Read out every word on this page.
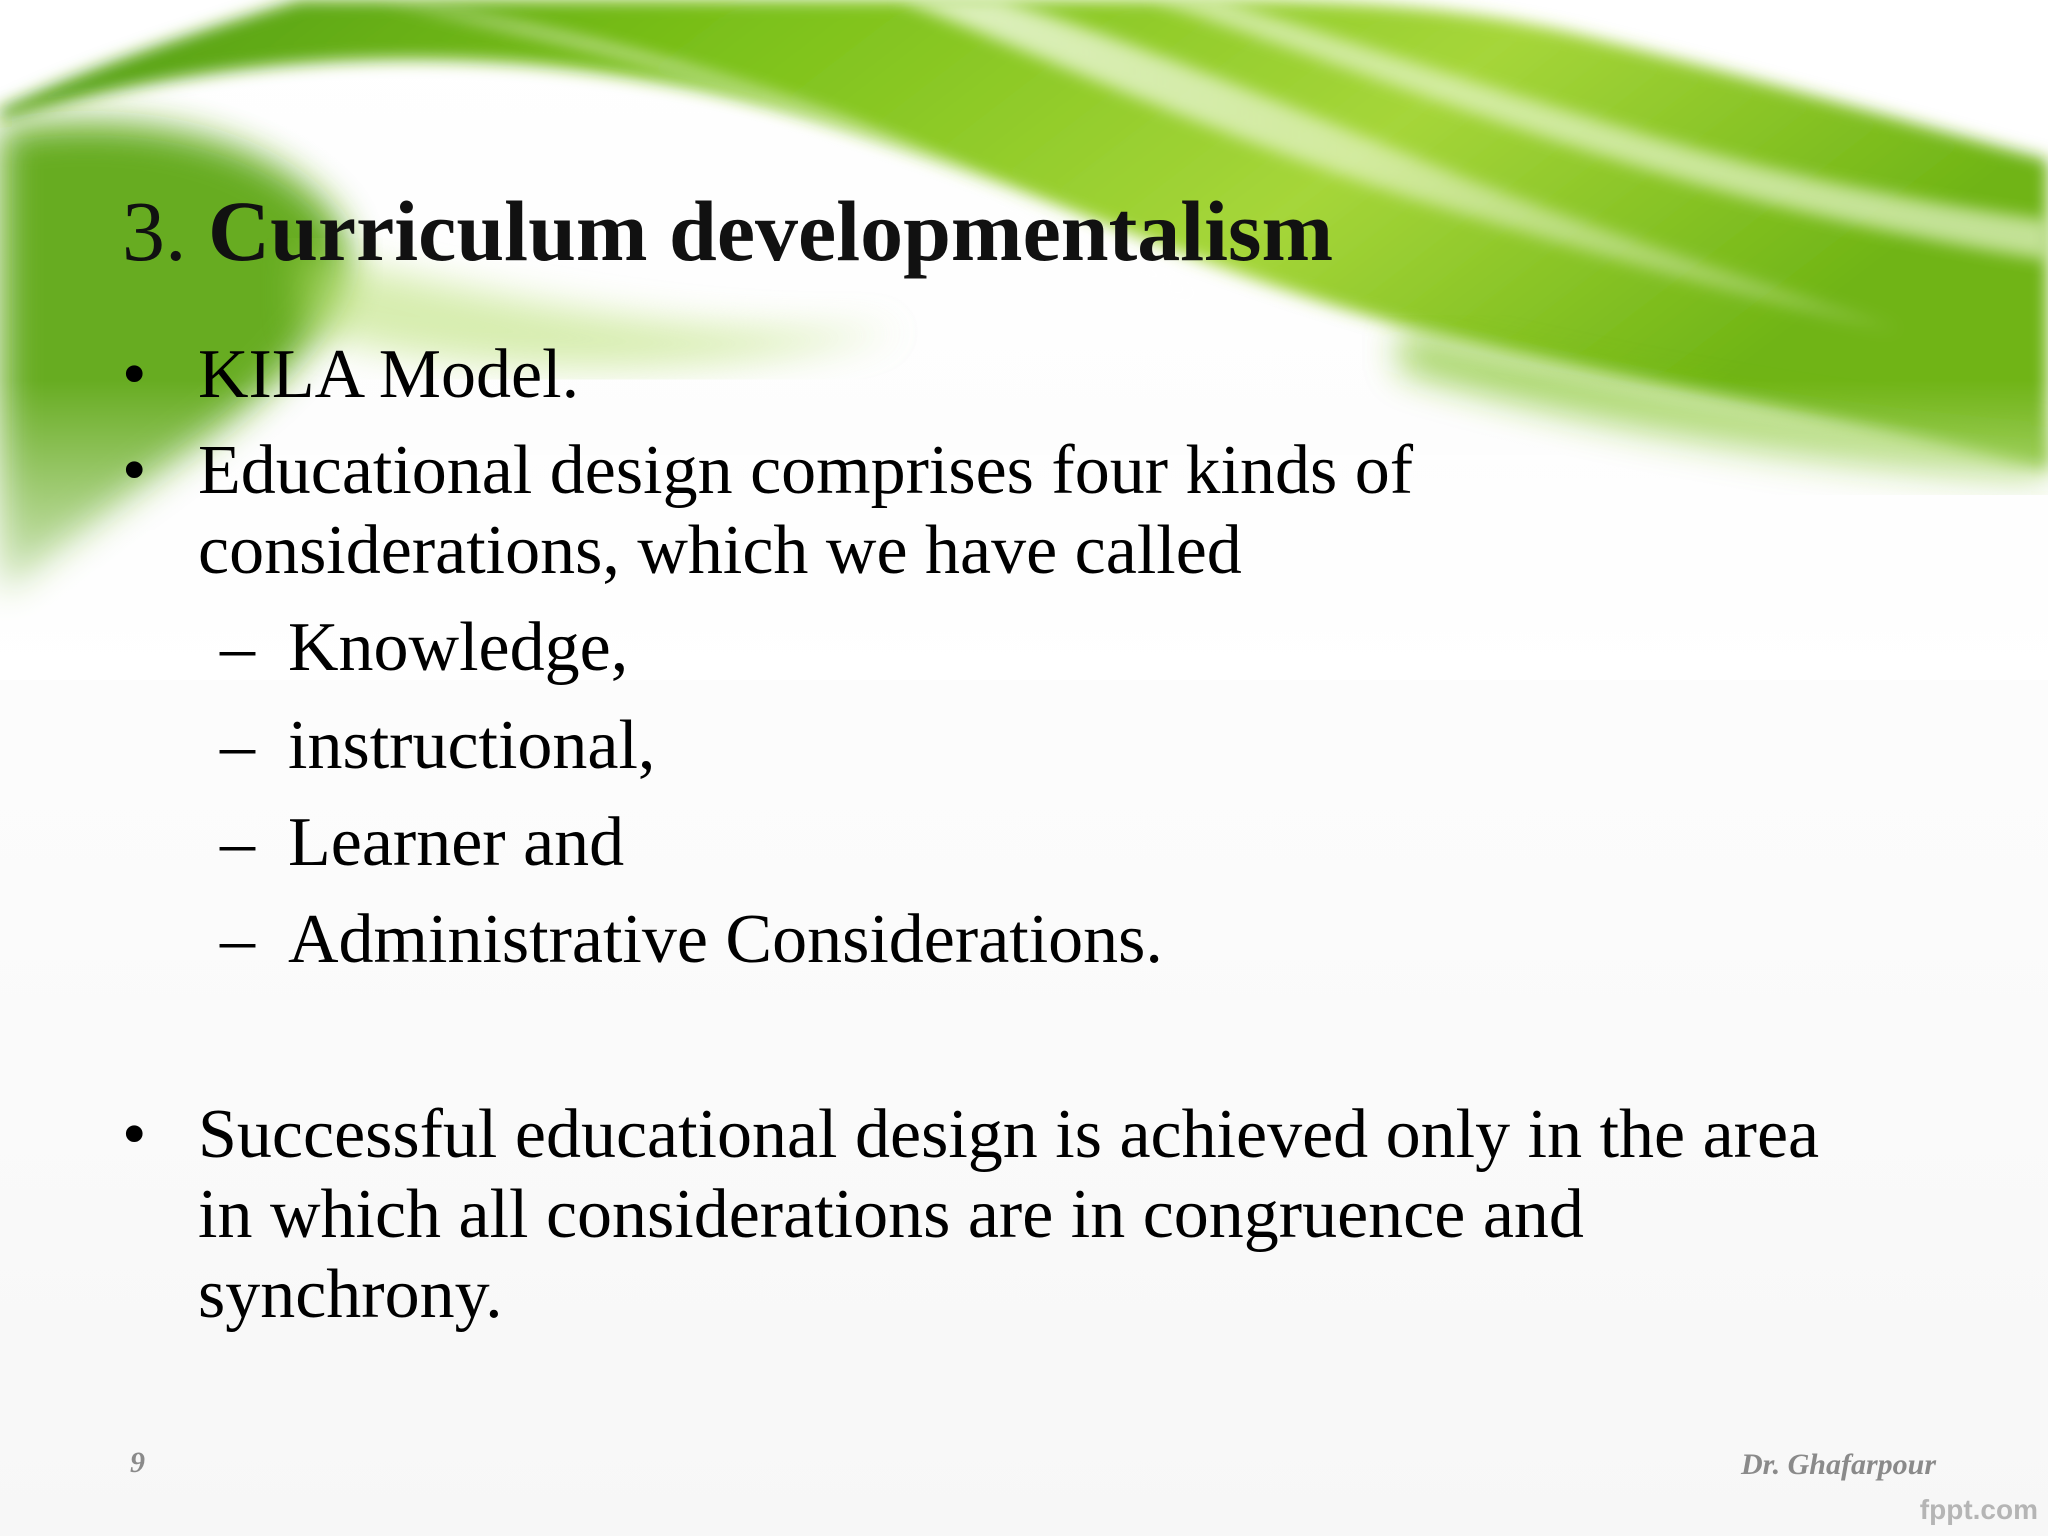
3. Curriculum developmentalism
• KILA Model.
• Educational design comprises four kinds of
considerations, which we have called
– Knowledge,
– instructional,
– Learner and
– Administrative Considerations.
• Successful educational design is achieved only in the area
in which all considerations are in congruence and
synchrony.
9	Dr. Ghafarpour
fppt.com
